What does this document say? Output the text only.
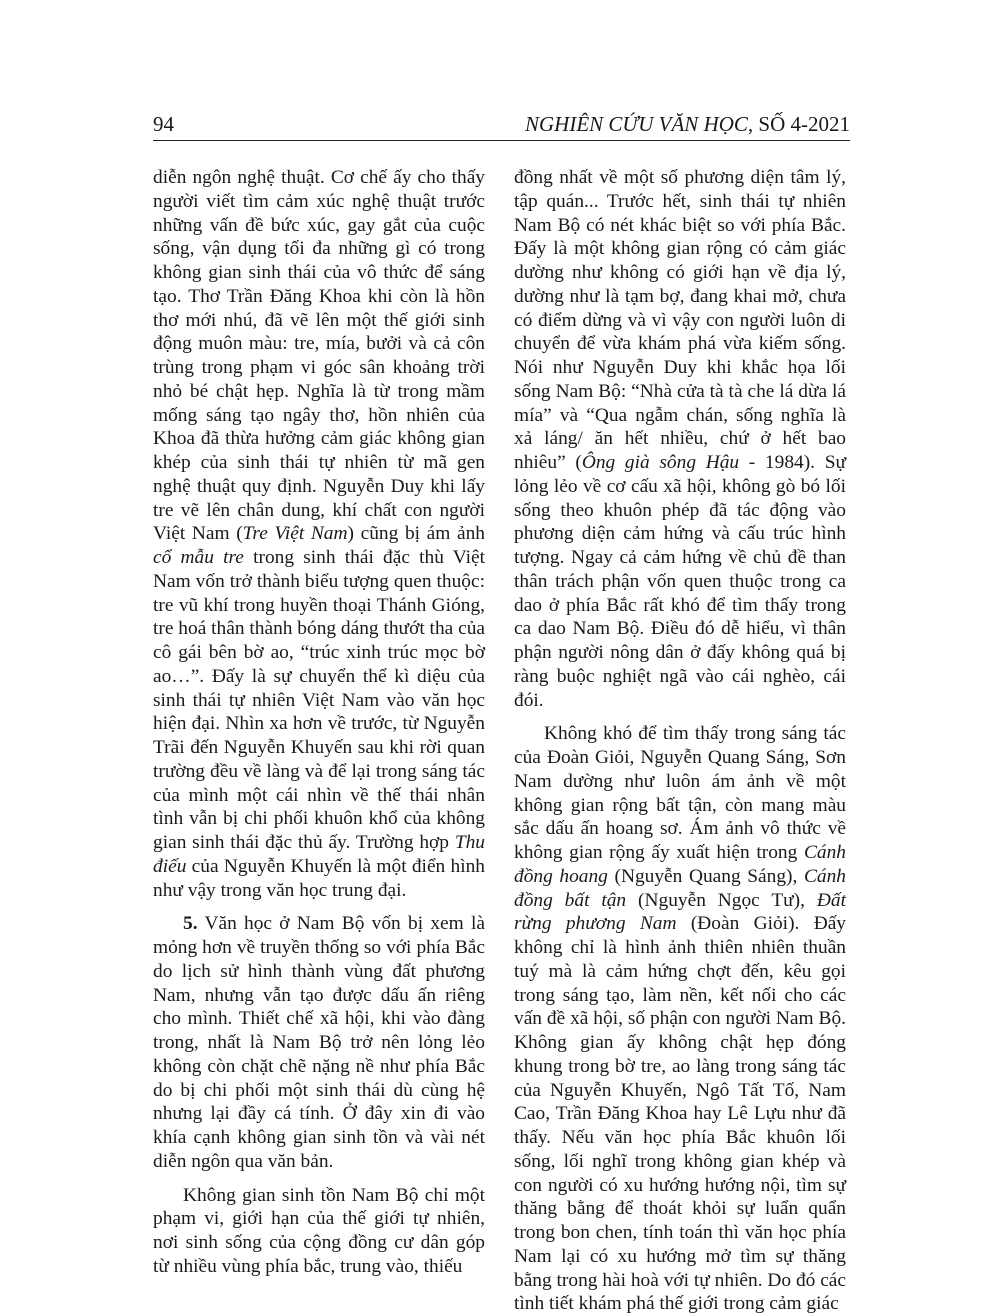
94	NGHIÊN CỨU VĂN HỌC, SỐ 4-2021

diễn ngôn nghệ thuật. Cơ chế ấy cho thấy người viết tìm cảm xúc nghệ thuật trước những vấn đề bức xúc, gay gắt của cuộc sống, vận dụng tối đa những gì có trong không gian sinh thái của vô thức để sáng tạo. Thơ Trần Đăng Khoa khi còn là hồn thơ mới nhú, đã vẽ lên một thế giới sinh động muôn màu: tre, mía, bưởi và cả côn trùng trong phạm vi góc sân khoảng trời nhỏ bé chật hẹp. Nghĩa là từ trong mầm mống sáng tạo ngây thơ, hồn nhiên của Khoa đã thừa hưởng cảm giác không gian khép của sinh thái tự nhiên từ mã gen nghệ thuật quy định. Nguyễn Duy khi lấy tre vẽ lên chân dung, khí chất con người Việt Nam (Tre Việt Nam) cũng bị ám ảnh cổ mẫu tre trong sinh thái đặc thù Việt Nam vốn trở thành biểu tượng quen thuộc: tre vũ khí trong huyền thoại Thánh Gióng, tre hoá thân thành bóng dáng thướt tha của cô gái bên bờ ao, “trúc xinh trúc mọc bờ ao…”. Đấy là sự chuyển thể kì diệu của sinh thái tự nhiên Việt Nam vào văn học hiện đại. Nhìn xa hơn về trước, từ Nguyễn Trãi đến Nguyễn Khuyến sau khi rời quan trường đều về làng và để lại trong sáng tác của mình một cái nhìn về thế thái nhân tình vẫn bị chi phối khuôn khổ của không gian sinh thái đặc thủ ấy. Trường hợp Thu điếu của Nguyễn Khuyến là một điển hình như vậy trong văn học trung đại.

5. Văn học ở Nam Bộ vốn bị xem là mỏng hơn về truyền thống so với phía Bắc do lịch sử hình thành vùng đất phương Nam, nhưng vẫn tạo được dấu ấn riêng cho mình. Thiết chế xã hội, khi vào đàng trong, nhất là Nam Bộ trở nên lỏng lẻo không còn chặt chẽ nặng nề như phía Bắc do bị chi phối một sinh thái dù cùng hệ nhưng lại đầy cá tính. Ở đây xin đi vào khía cạnh không gian sinh tồn và vài nét diễn ngôn qua văn bản.

Không gian sinh tồn Nam Bộ chỉ một phạm vi, giới hạn của thế giới tự nhiên, nơi sinh sống của cộng đồng cư dân góp từ nhiều vùng phía bắc, trung vào, thiếu

đồng nhất về một số phương diện tâm lý, tập quán... Trước hết, sinh thái tự nhiên Nam Bộ có nét khác biệt so với phía Bắc. Đấy là một không gian rộng có cảm giác dường như không có giới hạn về địa lý, dường như là tạm bợ, đang khai mở, chưa có điểm dừng và vì vậy con người luôn di chuyển để vừa khám phá vừa kiếm sống. Nói như Nguyễn Duy khi khắc họa lối sống Nam Bộ: “Nhà cửa tà tà che lá dừa lá mía” và “Qua ngẫm chán, sống nghĩa là xả láng/ ăn hết nhiều, chứ ở hết bao nhiêu” (Ông già sông Hậu - 1984). Sự lỏng lẻo về cơ cấu xã hội, không gò bó lối sống theo khuôn phép đã tác động vào phương diện cảm hứng và cấu trúc hình tượng. Ngay cả cảm hứng về chủ đề than thân trách phận vốn quen thuộc trong ca dao ở phía Bắc rất khó để tìm thấy trong ca dao Nam Bộ. Điều đó dễ hiểu, vì thân phận người nông dân ở đấy không quá bị ràng buộc nghiệt ngã vào cái nghèo, cái đói.

Không khó để tìm thấy trong sáng tác của Đoàn Giỏi, Nguyễn Quang Sáng, Sơn Nam dường như luôn ám ảnh về một không gian rộng bất tận, còn mang màu sắc dấu ấn hoang sơ. Ám ảnh vô thức về không gian rộng ấy xuất hiện trong Cánh đồng hoang (Nguyễn Quang Sáng), Cánh đồng bất tận (Nguyễn Ngọc Tư), Đất rừng phương Nam (Đoàn Giỏi). Đấy không chỉ là hình ảnh thiên nhiên thuần tuý mà là cảm hứng chợt đến, kêu gọi trong sáng tạo, làm nền, kết nối cho các vấn đề xã hội, số phận con người Nam Bộ. Không gian ấy không chật hẹp đóng khung trong bờ tre, ao làng trong sáng tác của Nguyễn Khuyến, Ngô Tất Tố, Nam Cao, Trần Đăng Khoa hay Lê Lựu như đã thấy. Nếu văn học phía Bắc khuôn lối sống, lối nghĩ trong không gian khép và con người có xu hướng hướng nội, tìm sự thăng bằng để thoát khỏi sự luẩn quẩn trong bon chen, tính toán thì văn học phía Nam lại có xu hướng mở tìm sự thăng bằng trong hài hoà với tự nhiên. Do đó các tình tiết khám phá thế giới trong cảm giác
